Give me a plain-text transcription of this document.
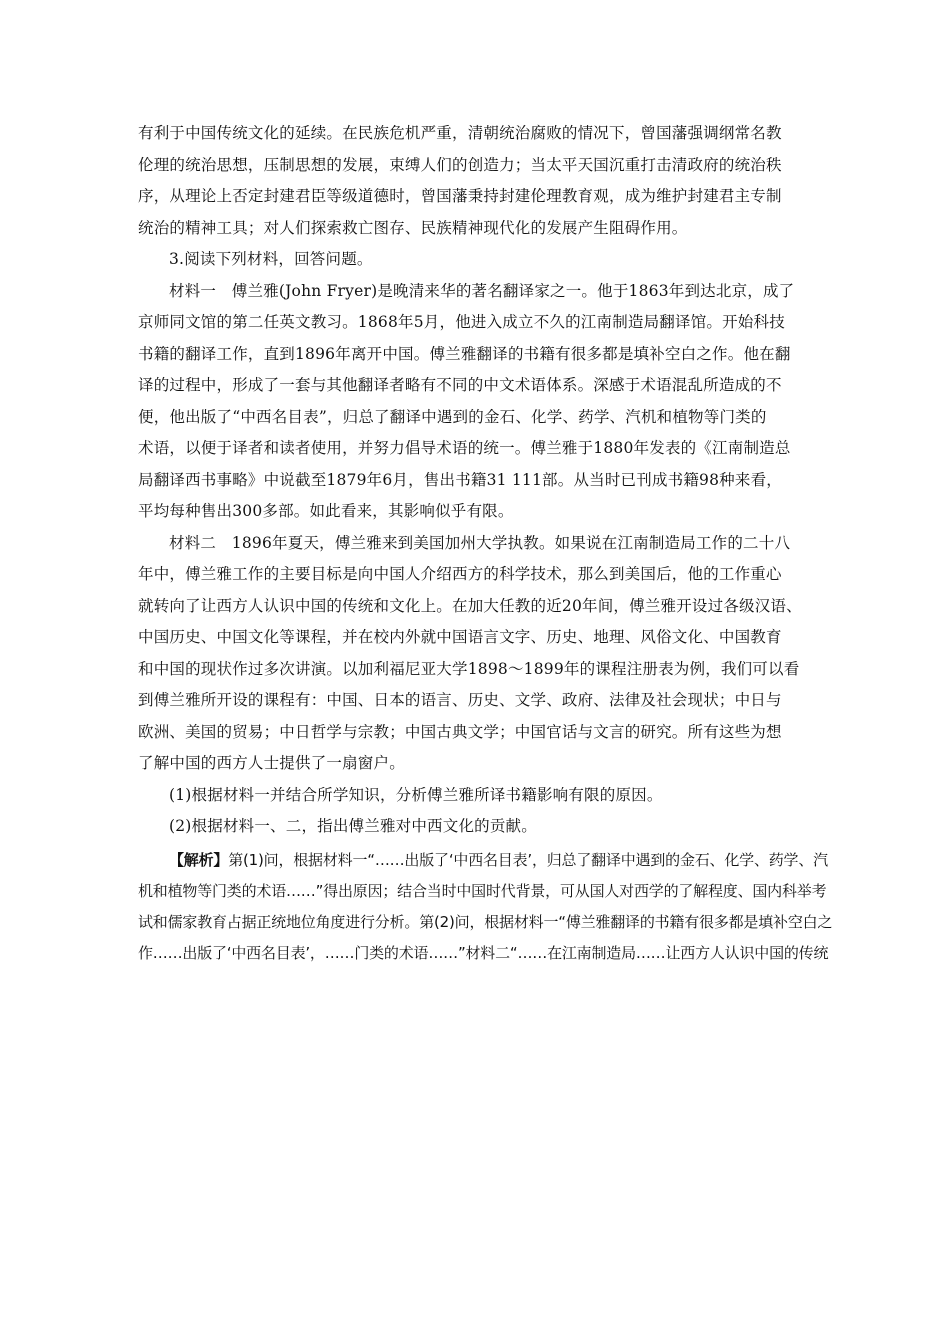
有利于中国传统文化的延续。在民族危机严重，清朝统治腐败的情况下，曾国藩强调纲常名教
伦理的统治思想，压制思想的发展，束缚人们的创造力；当太平天国沉重打击清政府的统治秩
序，从理论上否定封建君臣等级道德时，曾国藩秉持封建伦理教育观，成为维护封建君主专制
统治的精神工具；对人们探索救亡图存、民族精神现代化的发展产生阻碍作用。
3.阅读下列材料，回答问题。
材料一　傅兰雅(John Fryer)是晚清来华的著名翻译家之一。他于1863年到达北京，成了
京师同文馆的第二任英文教习。1868年5月，他进入成立不久的江南制造局翻译馆。开始科技
书籍的翻译工作，直到1896年离开中国。傅兰雅翻译的书籍有很多都是填补空白之作。他在翻
译的过程中，形成了一套与其他翻译者略有不同的中文术语体系。深感于术语混乱所造成的不
便，他出版了“中西名目表”，归总了翻译中遇到的金石、化学、药学、汽机和植物等门类的
术语，以便于译者和读者使用，并努力倡导术语的统一。傅兰雅于1880年发表的《江南制造总
局翻译西书事略》中说截至1879年6月，售出书籍31 111部。从当时已刊成书籍98种来看，
平均每种售出300多部。如此看来，其影响似乎有限。
材料二　1896年夏天，傅兰雅来到美国加州大学执教。如果说在江南制造局工作的二十八
年中，傅兰雅工作的主要目标是向中国人介绍西方的科学技术，那么到美国后，他的工作重心
就转向了让西方人认识中国的传统和文化上。在加大任教的近20年间，傅兰雅开设过各级汉语、
中国历史、中国文化等课程，并在校内外就中国语言文字、历史、地理、风俗文化、中国教育
和中国的现状作过多次讲演。以加利福尼亚大学1898～1899年的课程注册表为例，我们可以看
到傅兰雅所开设的课程有：中国、日本的语言、历史、文学、政府、法律及社会现状；中日与
欧洲、美国的贸易；中日哲学与宗教；中国古典文学；中国官话与文言的研究。所有这些为想
了解中国的西方人士提供了一扇窗户。
(1)根据材料一并结合所学知识，分析傅兰雅所译书籍影响有限的原因。
(2)根据材料一、二，指出傅兰雅对中西文化的贡献。
【解析】第(1)问，根据材料一“……出版了‘中西名目表’，归总了翻译中遇到的金石、化学、药学、汽
机和植物等门类的术语……”得出原因；结合当时中国时代背景，可从国人对西学的了解程度、国内科举考
试和儒家教育占据正统地位角度进行分析。第(2)问，根据材料一“傅兰雅翻译的书籍有很多都是填补空白之
作……出版了‘中西名目表’，……门类的术语……”材料二“……在江南制造局……让西方人认识中国的传统
